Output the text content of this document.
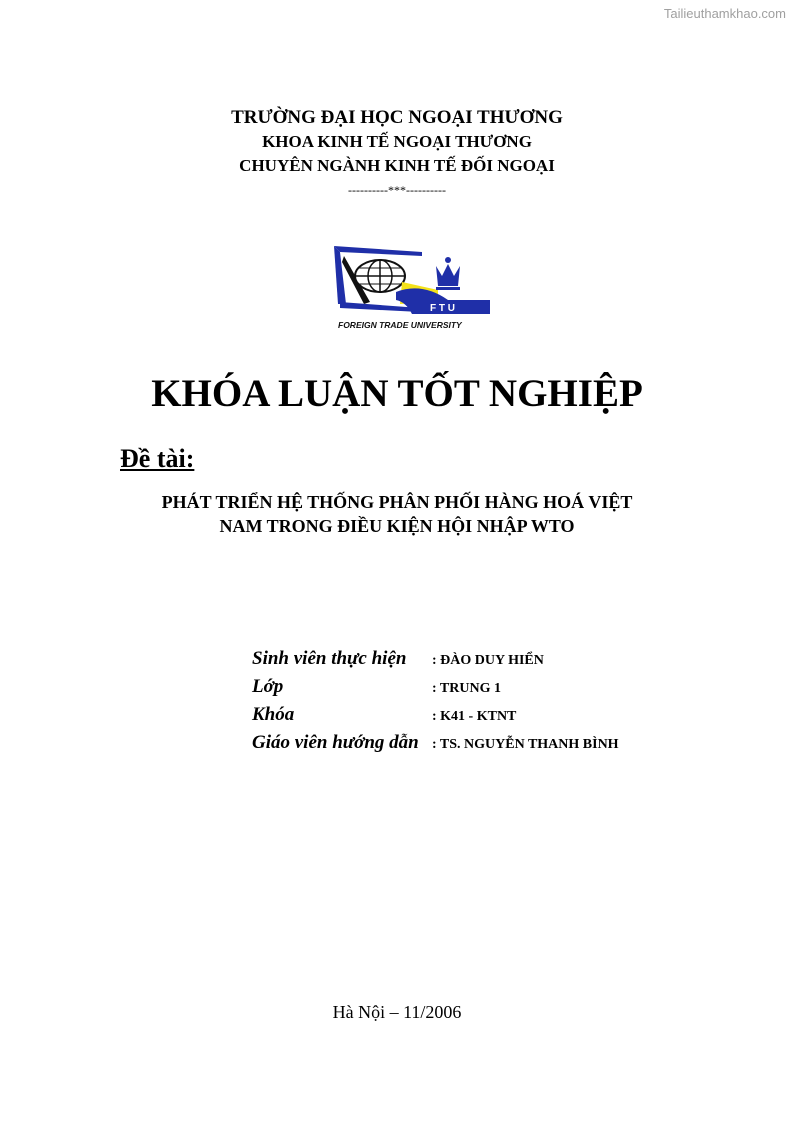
Tailieuthamkhao.com
TRƯỜNG ĐẠI HỌC NGOẠI THƯƠNG
KHOA KINH TẾ NGOẠI THƯƠNG
CHUYÊN NGÀNH KINH TẾ ĐỐI NGOẠI
----------***----------
F T U
FOREIGN TRADE UNIVERSITY
KHÓA LUẬN TỐT NGHIỆP
Đề tài:
PHÁT TRIỂN HỆ THỐNG PHÂN PHỐI HÀNG HOÁ VIỆT
NAM TRONG ĐIỀU KIỆN HỘI NHẬP WTO
Sinh viên thực hiện	: ĐÀO DUY HIỂN
Lớp	: TRUNG 1
Khóa	: K41 - KTNT
Giáo viên hướng dẫn : TS. NGUYỄN THANH BÌNH
Hà Nội – 11/2006
